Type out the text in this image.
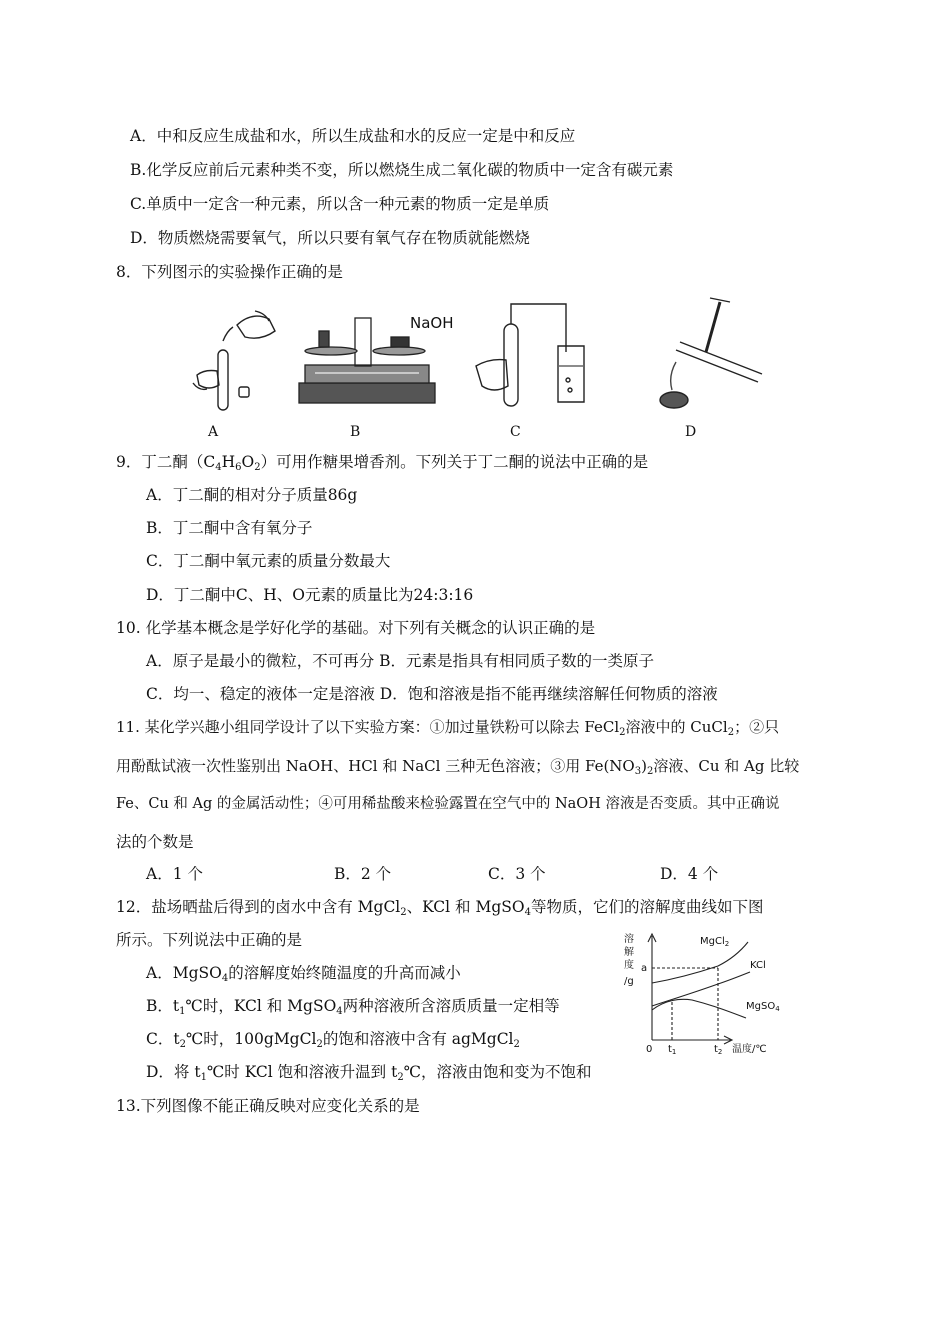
A．中和反应生成盐和水，所以生成盐和水的反应一定是中和反应
B.化学反应前后元素种类不变，所以燃烧生成二氧化碳的物质中一定含有碳元素
C.单质中一定含一种元素，所以含一种元素的物质一定是单质
D．物质燃烧需要氧气，所以只要有氧气存在物质就能燃烧
8．下列图示的实验操作正确的是
NaOH
A	B	C	D
9．丁二酮$(C_4H_6O_2)$可用作糖果增香剂。下列关于丁二酮的说法中正确的是
A．丁二酮的相对分子质量86g
B．丁二酮中含有氧分子
C．丁二酮中氧元素的质量分数最大
D．丁二酮中C、H、O元素的质量比为24:3:16
10. 化学基本概念是学好化学的基础。对下列有关概念的认识正确的是
A．原子是最小的微粒，不可再分 B．元素是指具有相同质子数的一类原子
C．均一、稳定的液体一定是溶液 D．饱和溶液是指不能再继续溶解任何物质的溶液
11. 某化学兴趣小组同学设计了以下实验方案：①加过量铁粉可以除去 FeCl$_2$溶液中的 CuCl$_2$；②只
用酚酞试液一次性鉴别出 NaOH、HCl 和 NaCl 三种无色溶液；③用 $Fe(NO_3)_2$溶液、Cu 和 Ag 比较
Fe、Cu 和 Ag 的金属活动性；④可用稀盐酸来检验露置在空气中的 NaOH 溶液是否变质。其中正确说
法的个数是
A．1 个	B．2 个	C．3 个	D．4 个
12．盐场晒盐后得到的卤水中含有 MgCl$_2$、KCl 和 MgSO$_4$等物质，它们的溶解度曲线如下图
所示。下列说法中正确的是
A．MgSO$_4$的溶解度始终随温度的升高而减小
B．$t_1℃$时，KCl 和 MgSO$_4$两种溶液所含溶质质量一定相等
C．$t_2℃$时，100gMgCl$_2$的饱和溶液中含有 agMgCl$_2$
D．将 $t_1℃$时 KCl 饱和溶液升温到 $t_2℃$，溶液由饱和变为不饱和
溶
解
度
/g
a
0 $t_1$	$t_2$ 温度/℃
MgCl$_2$
KCl
MgSO$_4$
13.下列图像不能正确反映对应变化关系的是
